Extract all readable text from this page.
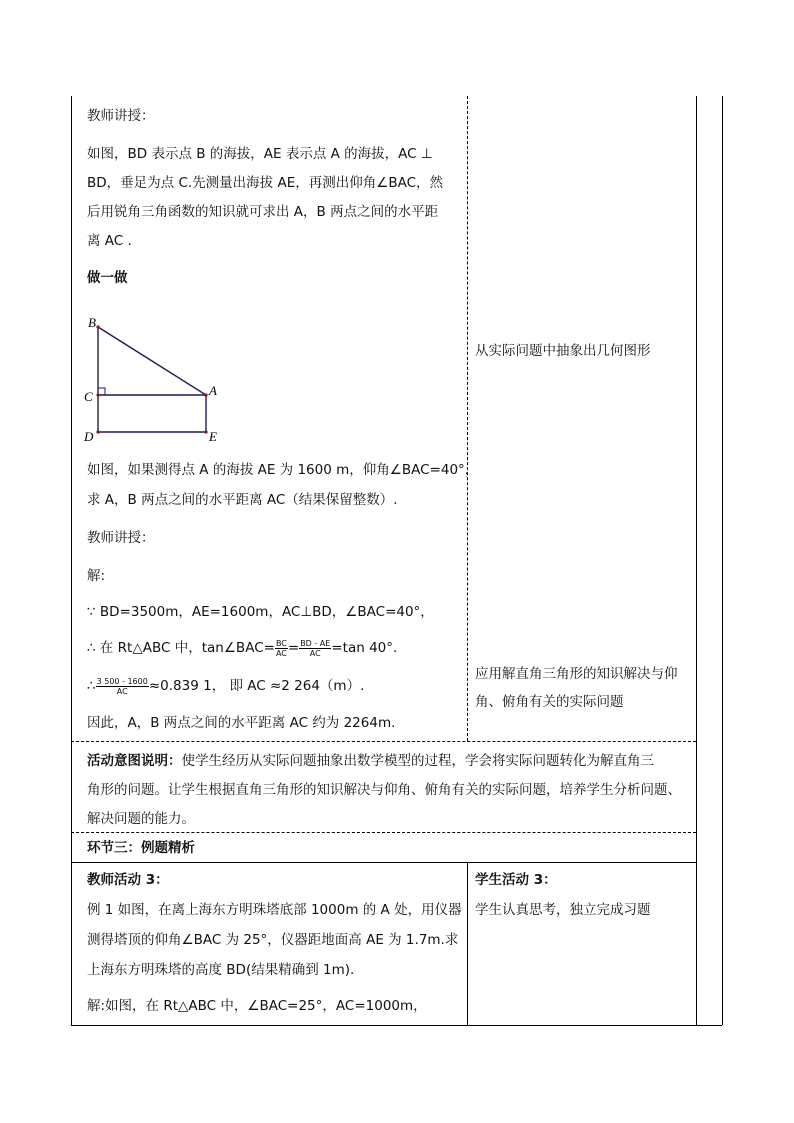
教师讲授：
如图，BD 表示点 B 的海拔，AE 表示点 A 的海拔，AC ⊥
BD，垂足为点 C.先测量出海拔 AE，再测出仰角∠BAC，然
后用锐角三角函数的知识就可求出 A，B 两点之间的水平距
离 AC .
做一做
B
C
D
A
E
如图，如果测得点 A 的海拔 AE 为 1600 m，仰角∠BAC=40°，
求 A，B 两点之间的水平距离 AC（结果保留整数）.
教师讲授：
解:
∵ BD=3500m，AE=1600m，AC⊥BD，∠BAC=40°，
∴ 在 Rt△ABC 中，tan∠BAC= $\frac{BC}{AC} = \frac{BD - AE}{AC} =\tan$ 40°.
∴ $\frac{3 500 - 1600}{AC} \approx 0.839$ 1， 即 AC ≈2 264（m）.
因此，A，B 两点之间的水平距离 AC 约为 2264m.
从实际问题中抽象出几何图形
应用解直角三角形的知识解决与仰
角、俯角有关的实际问题
活动意图说明：使学生经历从实际问题抽象出数学模型的过程，学会将实际问题转化为解直角三
角形的问题。让学生根据直角三角形的知识解决与仰角、俯角有关的实际问题，培养学生分析问题、
解决问题的能力。
环节三：例题精析
教师活动 3：
例 1 如图，在离上海东方明珠塔底部 1000m 的 A 处，用仪器
测得塔顶的仰角∠BAC 为 25°，仪器距地面高 AE 为 1.7m.求
上海东方明珠塔的高度 BD(结果精确到 1m).
解:如图，在 Rt△ABC 中，∠BAC=25°，AC=1000m，
学生活动 3：
学生认真思考，独立完成习题
